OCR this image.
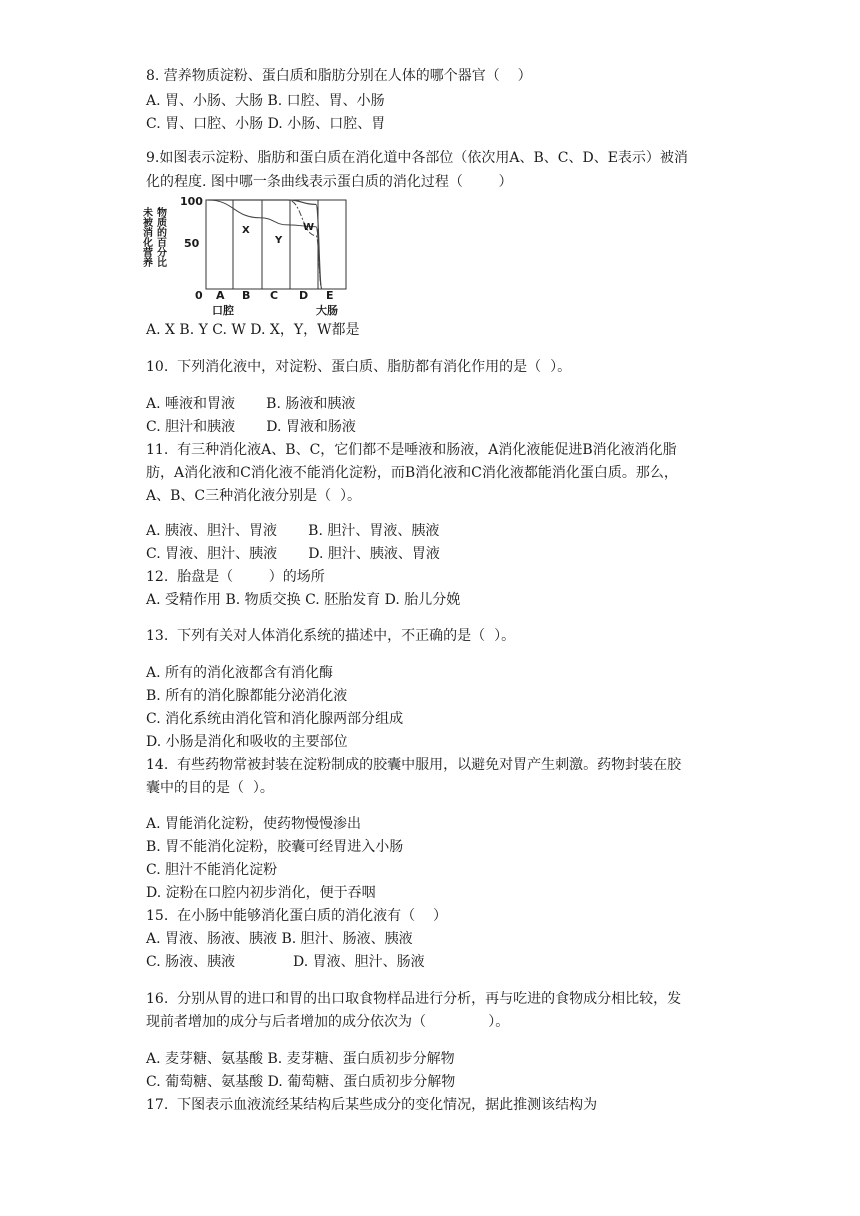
8. 营养物质淀粉、蛋白质和脂肪分别在人体的哪个器官（    ）
A. 胃、小肠、大肠 B. 口腔、胃、小肠
C. 胃、口腔、小肠 D. 小肠、口腔、胃
9.如图表示淀粉、脂肪和蛋白质在消化道中各部位（依次用A、B、C、D、E表示）被消
化的程度. 图中哪一条曲线表示蛋白质的消化过程（        ）
未被消化营养 物质的百分比
100
50
0 A B C D E
口腔	大肠
X
Y
W
A. X B. Y C. W D. X，Y，W都是
10.  下列消化液中，对淀粉、蛋白质、脂肪都有消化作用的是（  ）。
A. 唾液和胃液       B. 肠液和胰液
C. 胆汁和胰液       D. 胃液和肠液
11.  有三种消化液A、B、C，它们都不是唾液和肠液，A消化液能促进B消化液消化脂
肪，A消化液和C消化液不能消化淀粉，而B消化液和C消化液都能消化蛋白质。那么，
A、B、C三种消化液分别是（  ）。
A. 胰液、胆汁、胃液       B. 胆汁、胃液、胰液
C. 胃液、胆汁、胰液       D. 胆汁、胰液、胃液
12.  胎盘是（        ）的场所
A. 受精作用 B. 物质交换 C. 胚胎发育 D. 胎儿分娩
13.  下列有关对人体消化系统的描述中，不正确的是（  ）。
A. 所有的消化液都含有消化酶
B. 所有的消化腺都能分泌消化液
C. 消化系统由消化管和消化腺两部分组成
D. 小肠是消化和吸收的主要部位
14.  有些药物常被封装在淀粉制成的胶囊中服用，以避免对胃产生刺激。药物封装在胶
囊中的目的是（  ）。
A. 胃能消化淀粉，使药物慢慢渗出
B. 胃不能消化淀粉，胶囊可经胃进入小肠
C. 胆汁不能消化淀粉
D. 淀粉在口腔内初步消化，便于吞咽
15.  在小肠中能够消化蛋白质的消化液有（    ）
A. 胃液、肠液、胰液 B. 胆汁、肠液、胰液
C. 肠液、胰液             D. 胃液、胆汁、肠液
16.  分别从胃的进口和胃的出口取食物样品进行分析，再与吃进的食物成分相比较，发
现前者增加的成分与后者增加的成分依次为（              ）。
A. 麦芽糖、氨基酸 B. 麦芽糖、蛋白质初步分解物
C. 葡萄糖、氨基酸 D. 葡萄糖、蛋白质初步分解物
17.  下图表示血液流经某结构后某些成分的变化情况，据此推测该结构为
